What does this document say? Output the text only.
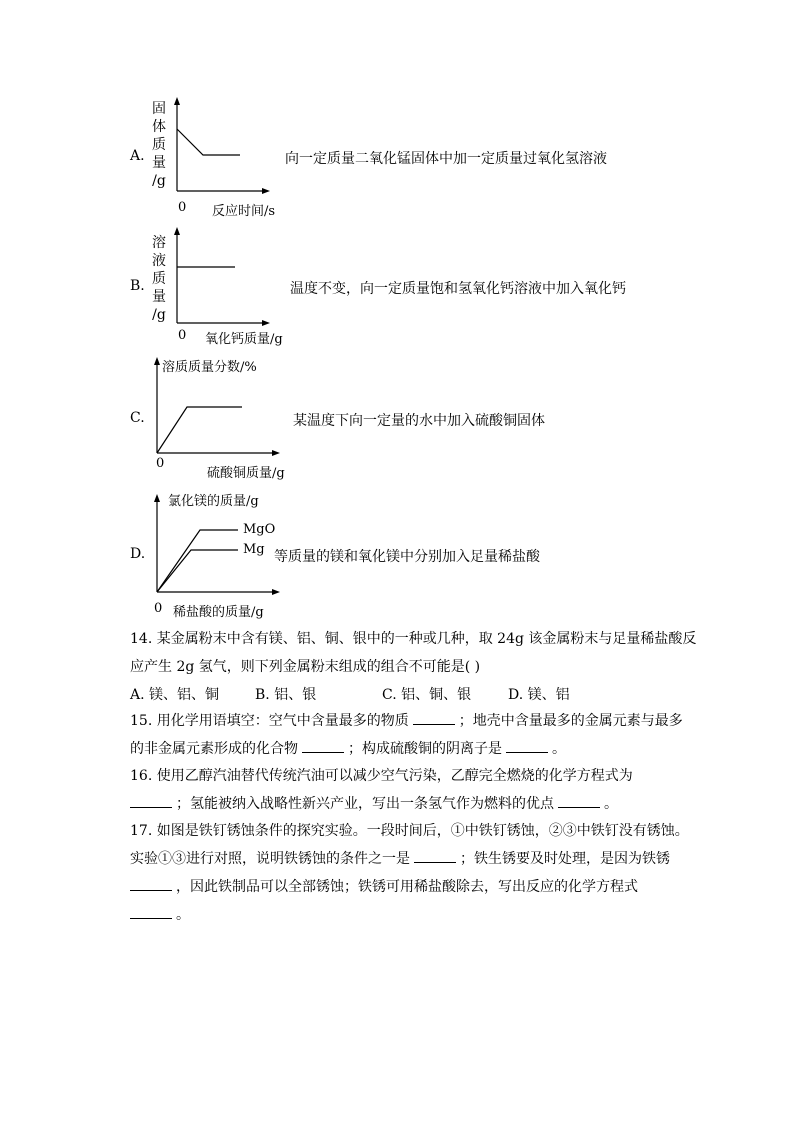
A.
固
体
质
量
/g
0 反应时间/s
向一定质量二氧化锰固体中加一定质量过氧化氢溶液
B.
溶
液
质
量
/g
0 氧化钙质量/g
温度不变，向一定质量饱和氢氧化钙溶液中加入氧化钙
C.
溶质质量分数/%
0
硫酸铜质量/g
某温度下向一定量的水中加入硫酸铜固体
D.
氯化镁的质量/g
MgO
Mg
0 稀盐酸的质量/g
等质量的镁和氧化镁中分别加入足量稀盐酸
14. 某金属粉末中含有镁、铝、铜、银中的一种或几种，取 24g 该金属粉末与足量稀盐酸反
应产生 2g 氢气，则下列金属粉末组成的组合不可能是( )
A. 镁、铝、铜	B. 铝、银	C. 铝、铜、银	D. 镁、铝
15. 用化学用语填空：空气中含量最多的物质	；地壳中含量最多的金属元素与最多
的非金属元素形成的化合物	；构成硫酸铜的阴离子是	。
16. 使用乙醇汽油替代传统汽油可以减少空气污染，乙醇完全燃烧的化学方程式为
；氢能被纳入战略性新兴产业，写出一条氢气作为燃料的优点	。
17. 如图是铁钉锈蚀条件的探究实验。一段时间后，①中铁钉锈蚀，②③中铁钉没有锈蚀。
实验①③进行对照，说明铁锈蚀的条件之一是	；铁生锈要及时处理，是因为铁锈
，因此铁制品可以全部锈蚀；铁锈可用稀盐酸除去，写出反应的化学方程式
。
